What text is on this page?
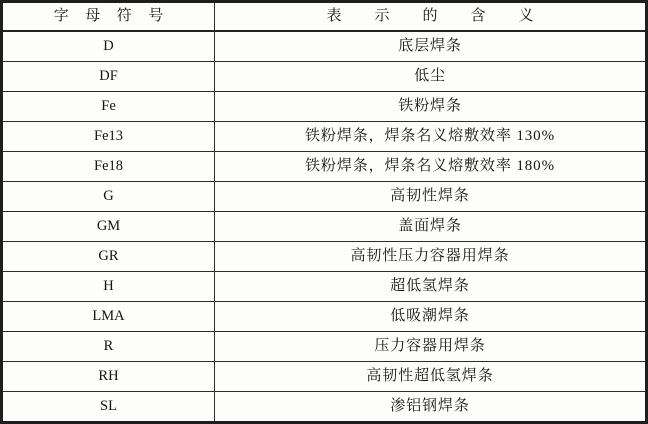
字母符号	表示的含义
D	底层焊条
DF	低尘
Fe	铁粉焊条
Fe13	铁粉焊条，焊条名义熔敷效率 130%
Fe18	铁粉焊条，焊条名义熔敷效率 180%
G	高韧性焊条
GM	盖面焊条
GR	高韧性压力容器用焊条
H	超低氢焊条
LMA	低吸潮焊条
R	压力容器用焊条
RH	高韧性超低氢焊条
SL	渗铝钢焊条
